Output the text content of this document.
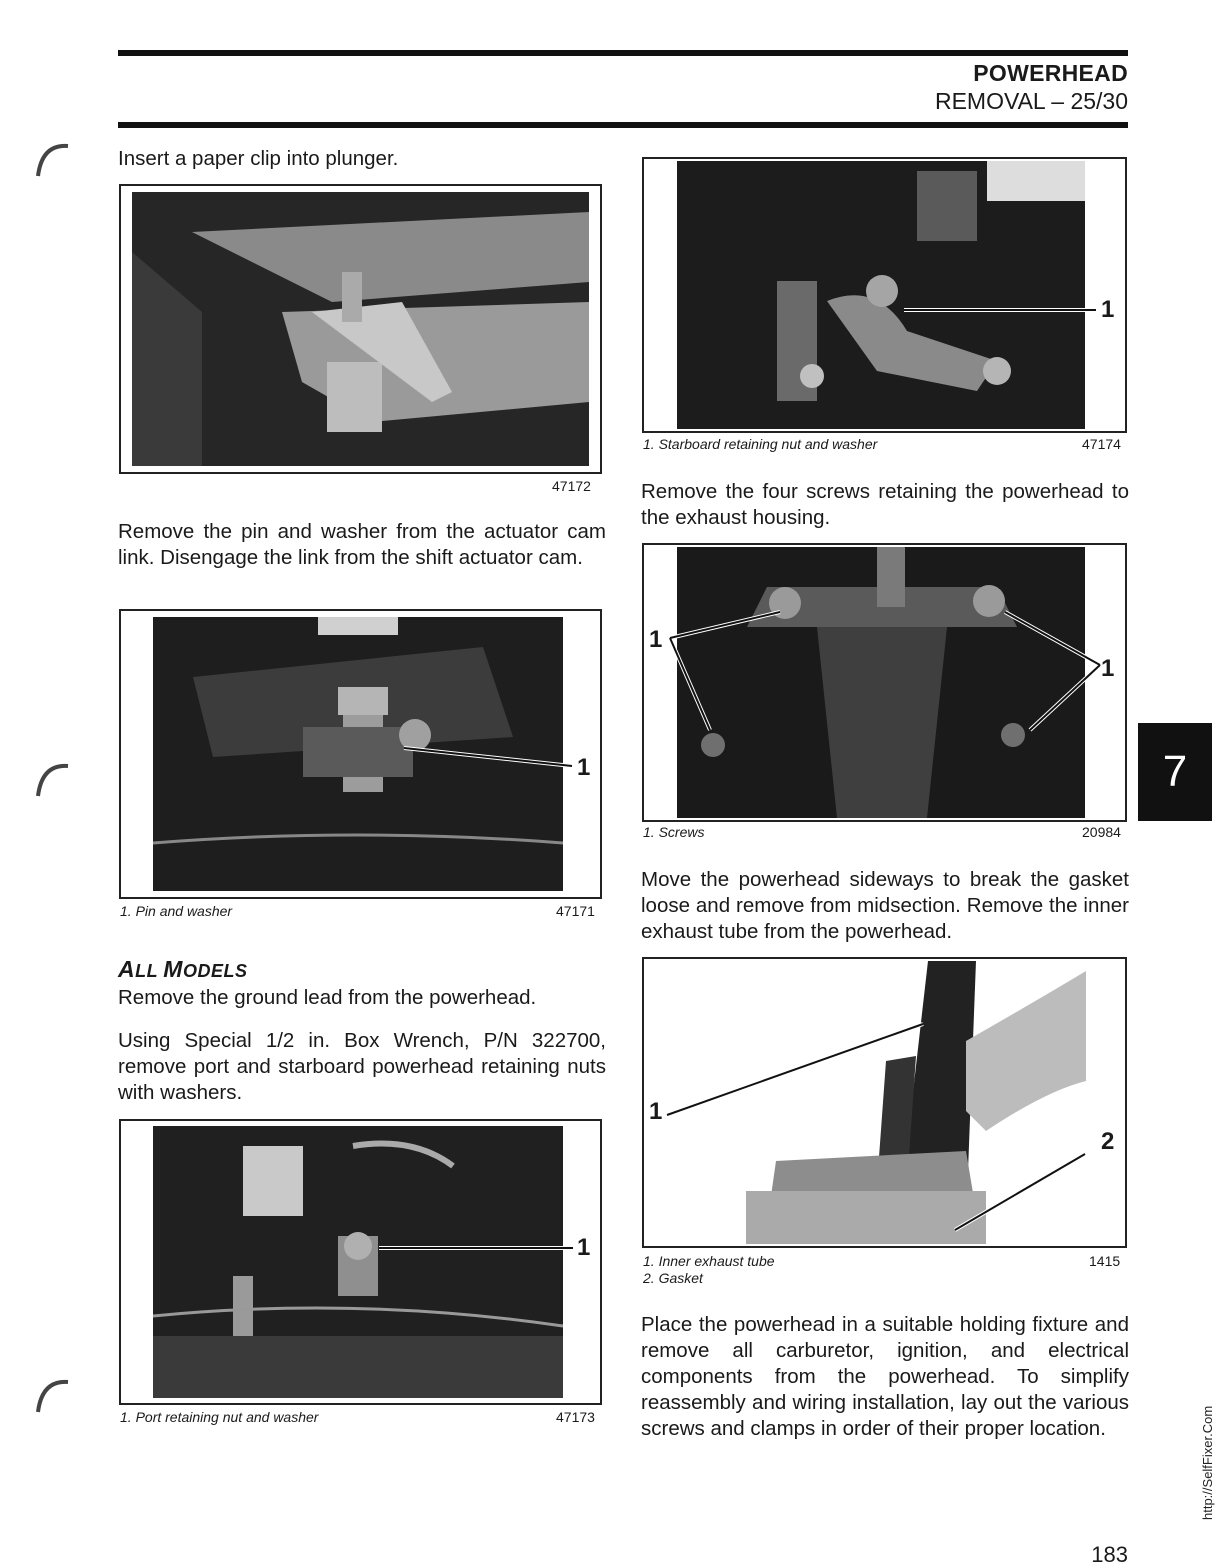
POWERHEAD
REMOVAL – 25/30
Insert a paper clip into plunger.
47172
Remove the pin and washer from the actuator cam link. Disengage the link from the shift actuator cam.
1
1. Pin and washer	47171
ALL MODELS
Remove the ground lead from the powerhead.
Using Special 1/2 in. Box Wrench, P/N 322700, remove port and starboard powerhead retaining nuts with washers.
1
1. Port retaining nut and washer	47173
1
1. Starboard retaining nut and washer	47174
Remove the four screws retaining the powerhead to the exhaust housing.
1
1
1. Screws	20984
Move the powerhead sideways to break the gasket loose and remove from midsection. Remove the inner exhaust tube from the powerhead.
1
2
1. Inner exhaust tube
2. Gasket
1415
Place the powerhead in a suitable holding fixture and remove all carburetor, ignition, and electrical components from the powerhead. To simplify reassembly and wiring installation, lay out the various screws and clamps in order of their proper location.
7
183
http://SelfFixer.Com
